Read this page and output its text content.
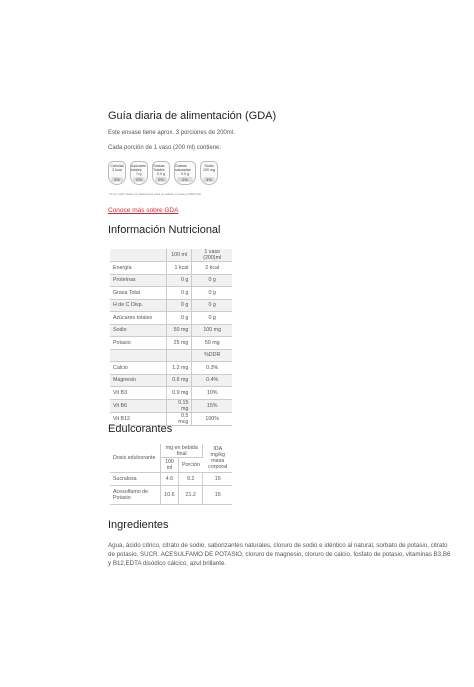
Guía diaria de alimentación (GDA)

Este envase tiene aprox. 3 porciones de 200ml.

Cada porción de 1 vaso (200 ml) contiene:

Calorías
2 kcal
0%
Azúcares totales
0 g
0%
Grasas Totales
0.0 g
0%
Grasas saturadas
0.0 g
0%
Sodio
100 mg
4%
* % del Valor Diario de Referencia para un adulto en base a 2000 kcal
Conoce más sobre GDA
Información Nutricional
	100 ml	1 vaso (200)ml
Energía	1 kcal	2 kcal
Proteínas	0 g	0 g
Grasa Total	0 g	0 g
H de C Disp.	0 g	0 g
Azúcares totales	0 g	0 g
Sodio	50 mg	100 mg
Potasio	25 mg	50 mg
		%DDR
Calcio	1.2 mg	0.3%
Magnesio	0.6 mg	0.4%
Vit B3	0.9 mg	10%
Vit B6	0.15 mg	15%
Vit B12	0.5 mcg	100%
Edulcorantes
Dosis edulcorante	mg en bebida final		IDA mg/kg masa corporal
	100 ml	Porción	
Sucralosa	4.6	9.2	15
Acesulfamo de Potasio	10.6	21.2	15
Ingredientes

Agua, ácido cítrico, citrato de sodio, saborizantes naturales, cloruro de sodio e idéntico al natural, sorbato de potasio, citrato de potasio, SUCR. ACESULFAMO DE POTASIO, cloruro de magnesio, cloruro de calcio, fosfato de potasio, vitaminas B3,B6 y B12,EDTA disódico cálcico, azul brillante.
